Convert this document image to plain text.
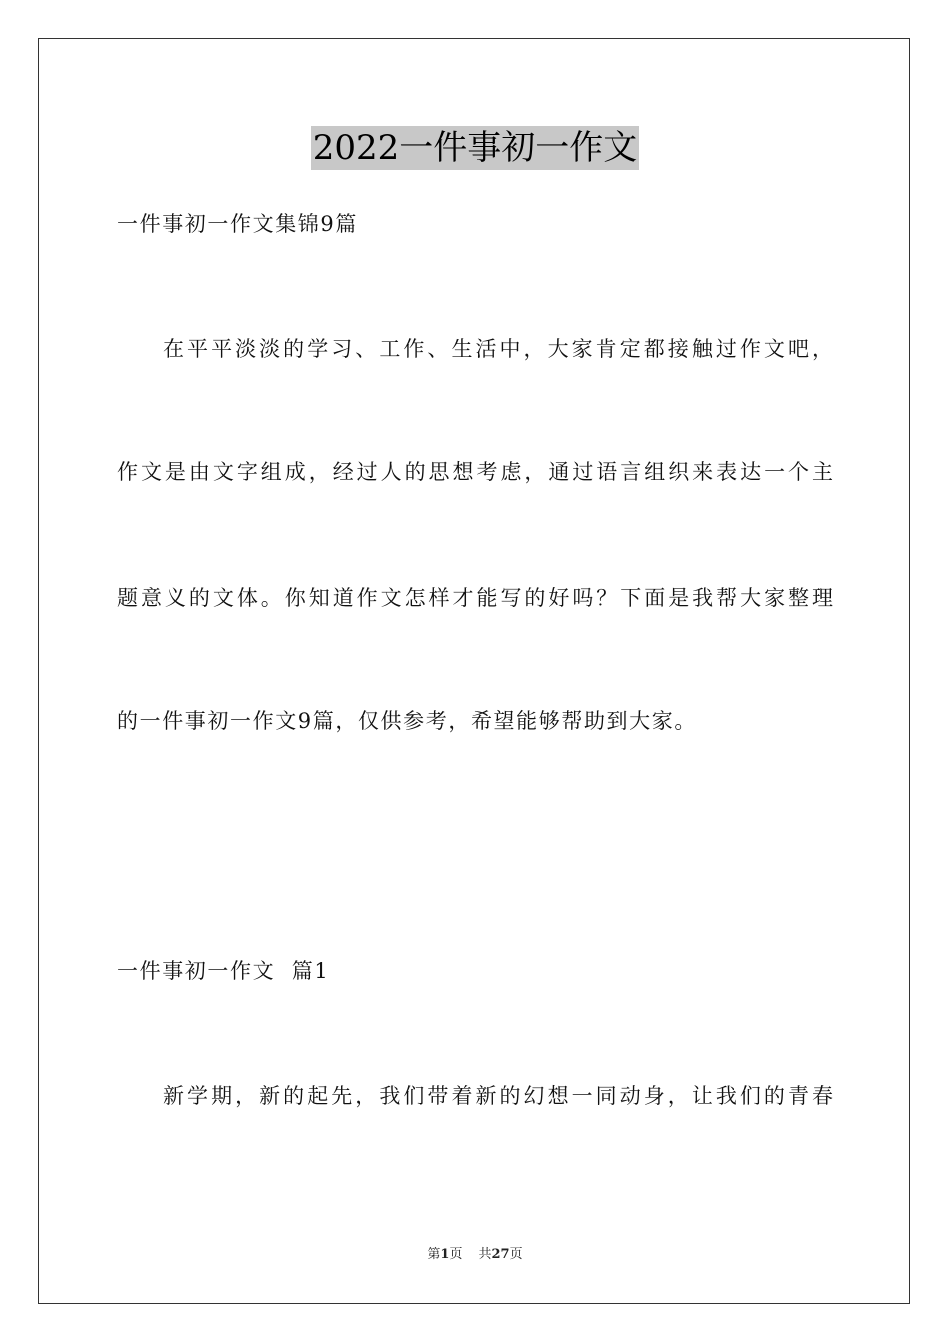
2022一件事初一作文
一件事初一作文集锦9篇
在平平淡淡的学习、工作、生活中，大家肯定都接触过作文吧，
作文是由文字组成，经过人的思想考虑，通过语言组织来表达一个主
题意义的文体。你知道作文怎样才能写的好吗？下面是我帮大家整理
的一件事初一作文9篇，仅供参考，希望能够帮助到大家。
一件事初一作文  篇1
新学期，新的起先，我们带着新的幻想一同动身，让我们的青春
第1页 共27页
